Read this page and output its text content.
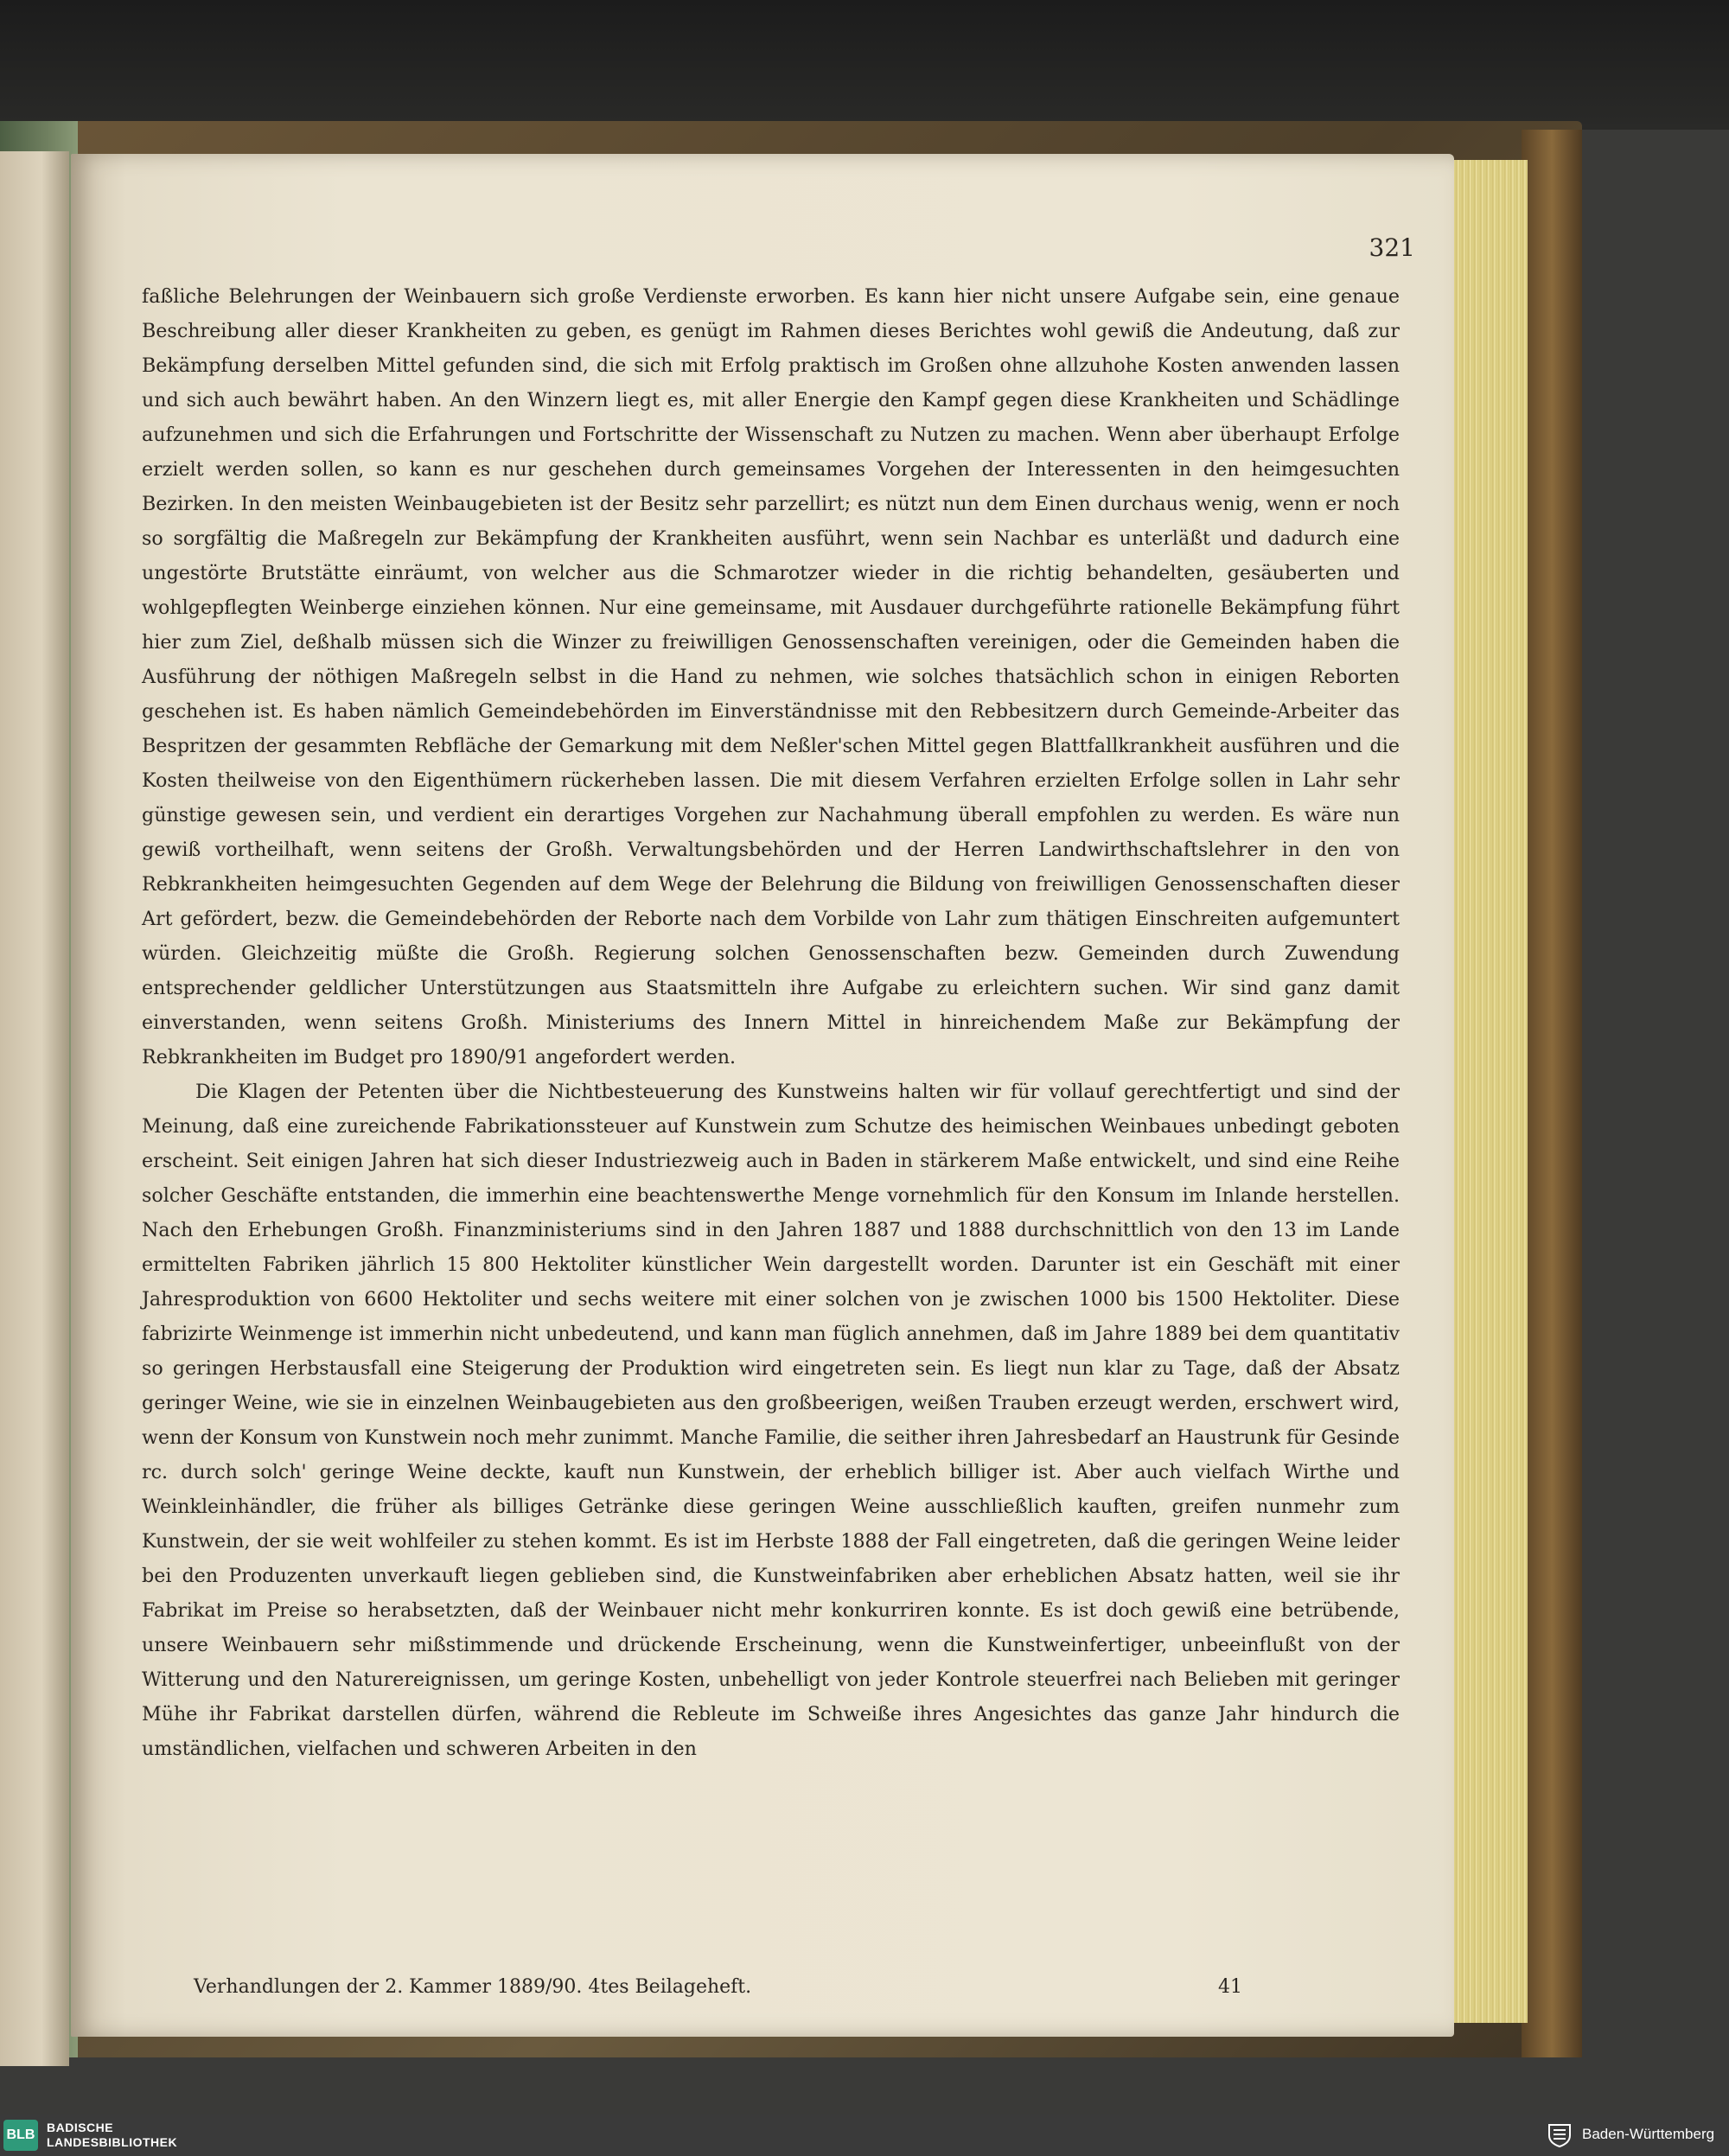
321

faßliche Belehrungen der Weinbauern sich große Verdienste erworben. Es kann hier nicht unsere Aufgabe sein, eine genaue Beschreibung aller dieser Krankheiten zu geben, es genügt im Rahmen dieses Berichtes wohl gewiß die Andeutung, daß zur Bekämpfung derselben Mittel gefunden sind, die sich mit Erfolg praktisch im Großen ohne allzuhohe Kosten anwenden lassen und sich auch bewährt haben. An den Winzern liegt es, mit aller Energie den Kampf gegen diese Krankheiten und Schädlinge aufzunehmen und sich die Erfahrungen und Fortschritte der Wissenschaft zu Nutzen zu machen. Wenn aber überhaupt Erfolge erzielt werden sollen, so kann es nur geschehen durch gemeinsames Vorgehen der Interessenten in den heimgesuchten Bezirken. In den meisten Weinbaugebieten ist der Besitz sehr parzellirt; es nützt nun dem Einen durchaus wenig, wenn er noch so sorgfältig die Maßregeln zur Bekämpfung der Krankheiten ausführt, wenn sein Nachbar es unterläßt und dadurch eine ungestörte Brutstätte einräumt, von welcher aus die Schmarotzer wieder in die richtig behandelten, gesäuberten und wohlgepflegten Weinberge einziehen können. Nur eine gemeinsame, mit Ausdauer durchgeführte rationelle Bekämpfung führt hier zum Ziel, deßhalb müssen sich die Winzer zu freiwilligen Genossenschaften vereinigen, oder die Gemeinden haben die Ausführung der nöthigen Maßregeln selbst in die Hand zu nehmen, wie solches thatsächlich schon in einigen Reborten geschehen ist. Es haben nämlich Gemeindebehörden im Einverständnisse mit den Rebbesitzern durch Gemeinde-Arbeiter das Bespritzen der gesammten Rebfläche der Gemarkung mit dem Neßler'schen Mittel gegen Blattfallkrankheit ausführen und die Kosten theilweise von den Eigenthümern rückerheben lassen. Die mit diesem Verfahren erzielten Erfolge sollen in Lahr sehr günstige gewesen sein, und verdient ein derartiges Vorgehen zur Nachahmung überall empfohlen zu werden. Es wäre nun gewiß vortheilhaft, wenn seitens der Großh. Verwaltungsbehörden und der Herren Landwirthschaftslehrer in den von Rebkrankheiten heimgesuchten Gegenden auf dem Wege der Belehrung die Bildung von freiwilligen Genossenschaften dieser Art gefördert, bezw. die Gemeindebehörden der Reborte nach dem Vorbilde von Lahr zum thätigen Einschreiten aufgemuntert würden. Gleichzeitig müßte die Großh. Regierung solchen Genossenschaften bezw. Gemeinden durch Zuwendung entsprechender geldlicher Unterstützungen aus Staatsmitteln ihre Aufgabe zu erleichtern suchen. Wir sind ganz damit einverstanden, wenn seitens Großh. Ministeriums des Innern Mittel in hinreichendem Maße zur Bekämpfung der Rebkrankheiten im Budget pro 1890/91 angefordert werden.

Die Klagen der Petenten über die Nichtbesteuerung des Kunstweins halten wir für vollauf gerechtfertigt und sind der Meinung, daß eine zureichende Fabrikationssteuer auf Kunstwein zum Schutze des heimischen Weinbaues unbedingt geboten erscheint. Seit einigen Jahren hat sich dieser Industriezweig auch in Baden in stärkerem Maße entwickelt, und sind eine Reihe solcher Geschäfte entstanden, die immerhin eine beachtenswerthe Menge vornehmlich für den Konsum im Inlande herstellen. Nach den Erhebungen Großh. Finanzministeriums sind in den Jahren 1887 und 1888 durchschnittlich von den 13 im Lande ermittelten Fabriken jährlich 15 800 Hektoliter künstlicher Wein dargestellt worden. Darunter ist ein Geschäft mit einer Jahresproduktion von 6600 Hektoliter und sechs weitere mit einer solchen von je zwischen 1000 bis 1500 Hektoliter. Diese fabrizirte Weinmenge ist immerhin nicht unbedeutend, und kann man füglich annehmen, daß im Jahre 1889 bei dem quantitativ so geringen Herbstausfall eine Steigerung der Produktion wird eingetreten sein. Es liegt nun klar zu Tage, daß der Absatz geringer Weine, wie sie in einzelnen Weinbaugebieten aus den großbeerigen, weißen Trauben erzeugt werden, erschwert wird, wenn der Konsum von Kunstwein noch mehr zunimmt. Manche Familie, die seither ihren Jahresbedarf an Haustrunk für Gesinde rc. durch solch' geringe Weine deckte, kauft nun Kunstwein, der erheblich billiger ist. Aber auch vielfach Wirthe und Weinkleinhändler, die früher als billiges Getränke diese geringen Weine ausschließlich kauften, greifen nunmehr zum Kunstwein, der sie weit wohlfeiler zu stehen kommt. Es ist im Herbste 1888 der Fall eingetreten, daß die geringen Weine leider bei den Produzenten unverkauft liegen geblieben sind, die Kunstweinfabriken aber erheblichen Absatz hatten, weil sie ihr Fabrikat im Preise so herabsetzten, daß der Weinbauer nicht mehr konkurriren konnte. Es ist doch gewiß eine betrübende, unsere Weinbauern sehr mißstimmende und drückende Erscheinung, wenn die Kunstweinfertiger, unbeeinflußt von der Witterung und den Naturereignissen, um geringe Kosten, unbehelligt von jeder Kontrole steuerfrei nach Belieben mit geringer Mühe ihr Fabrikat darstellen dürfen, während die Rebleute im Schweiße ihres Angesichtes das ganze Jahr hindurch die umständlichen, vielfachen und schweren Arbeiten in den

Verhandlungen der 2. Kammer 1889/90. 4tes Beilageheft.	41
BLB BADISCHE
LANDESBIBLIOTHEK	Baden-Württemberg
